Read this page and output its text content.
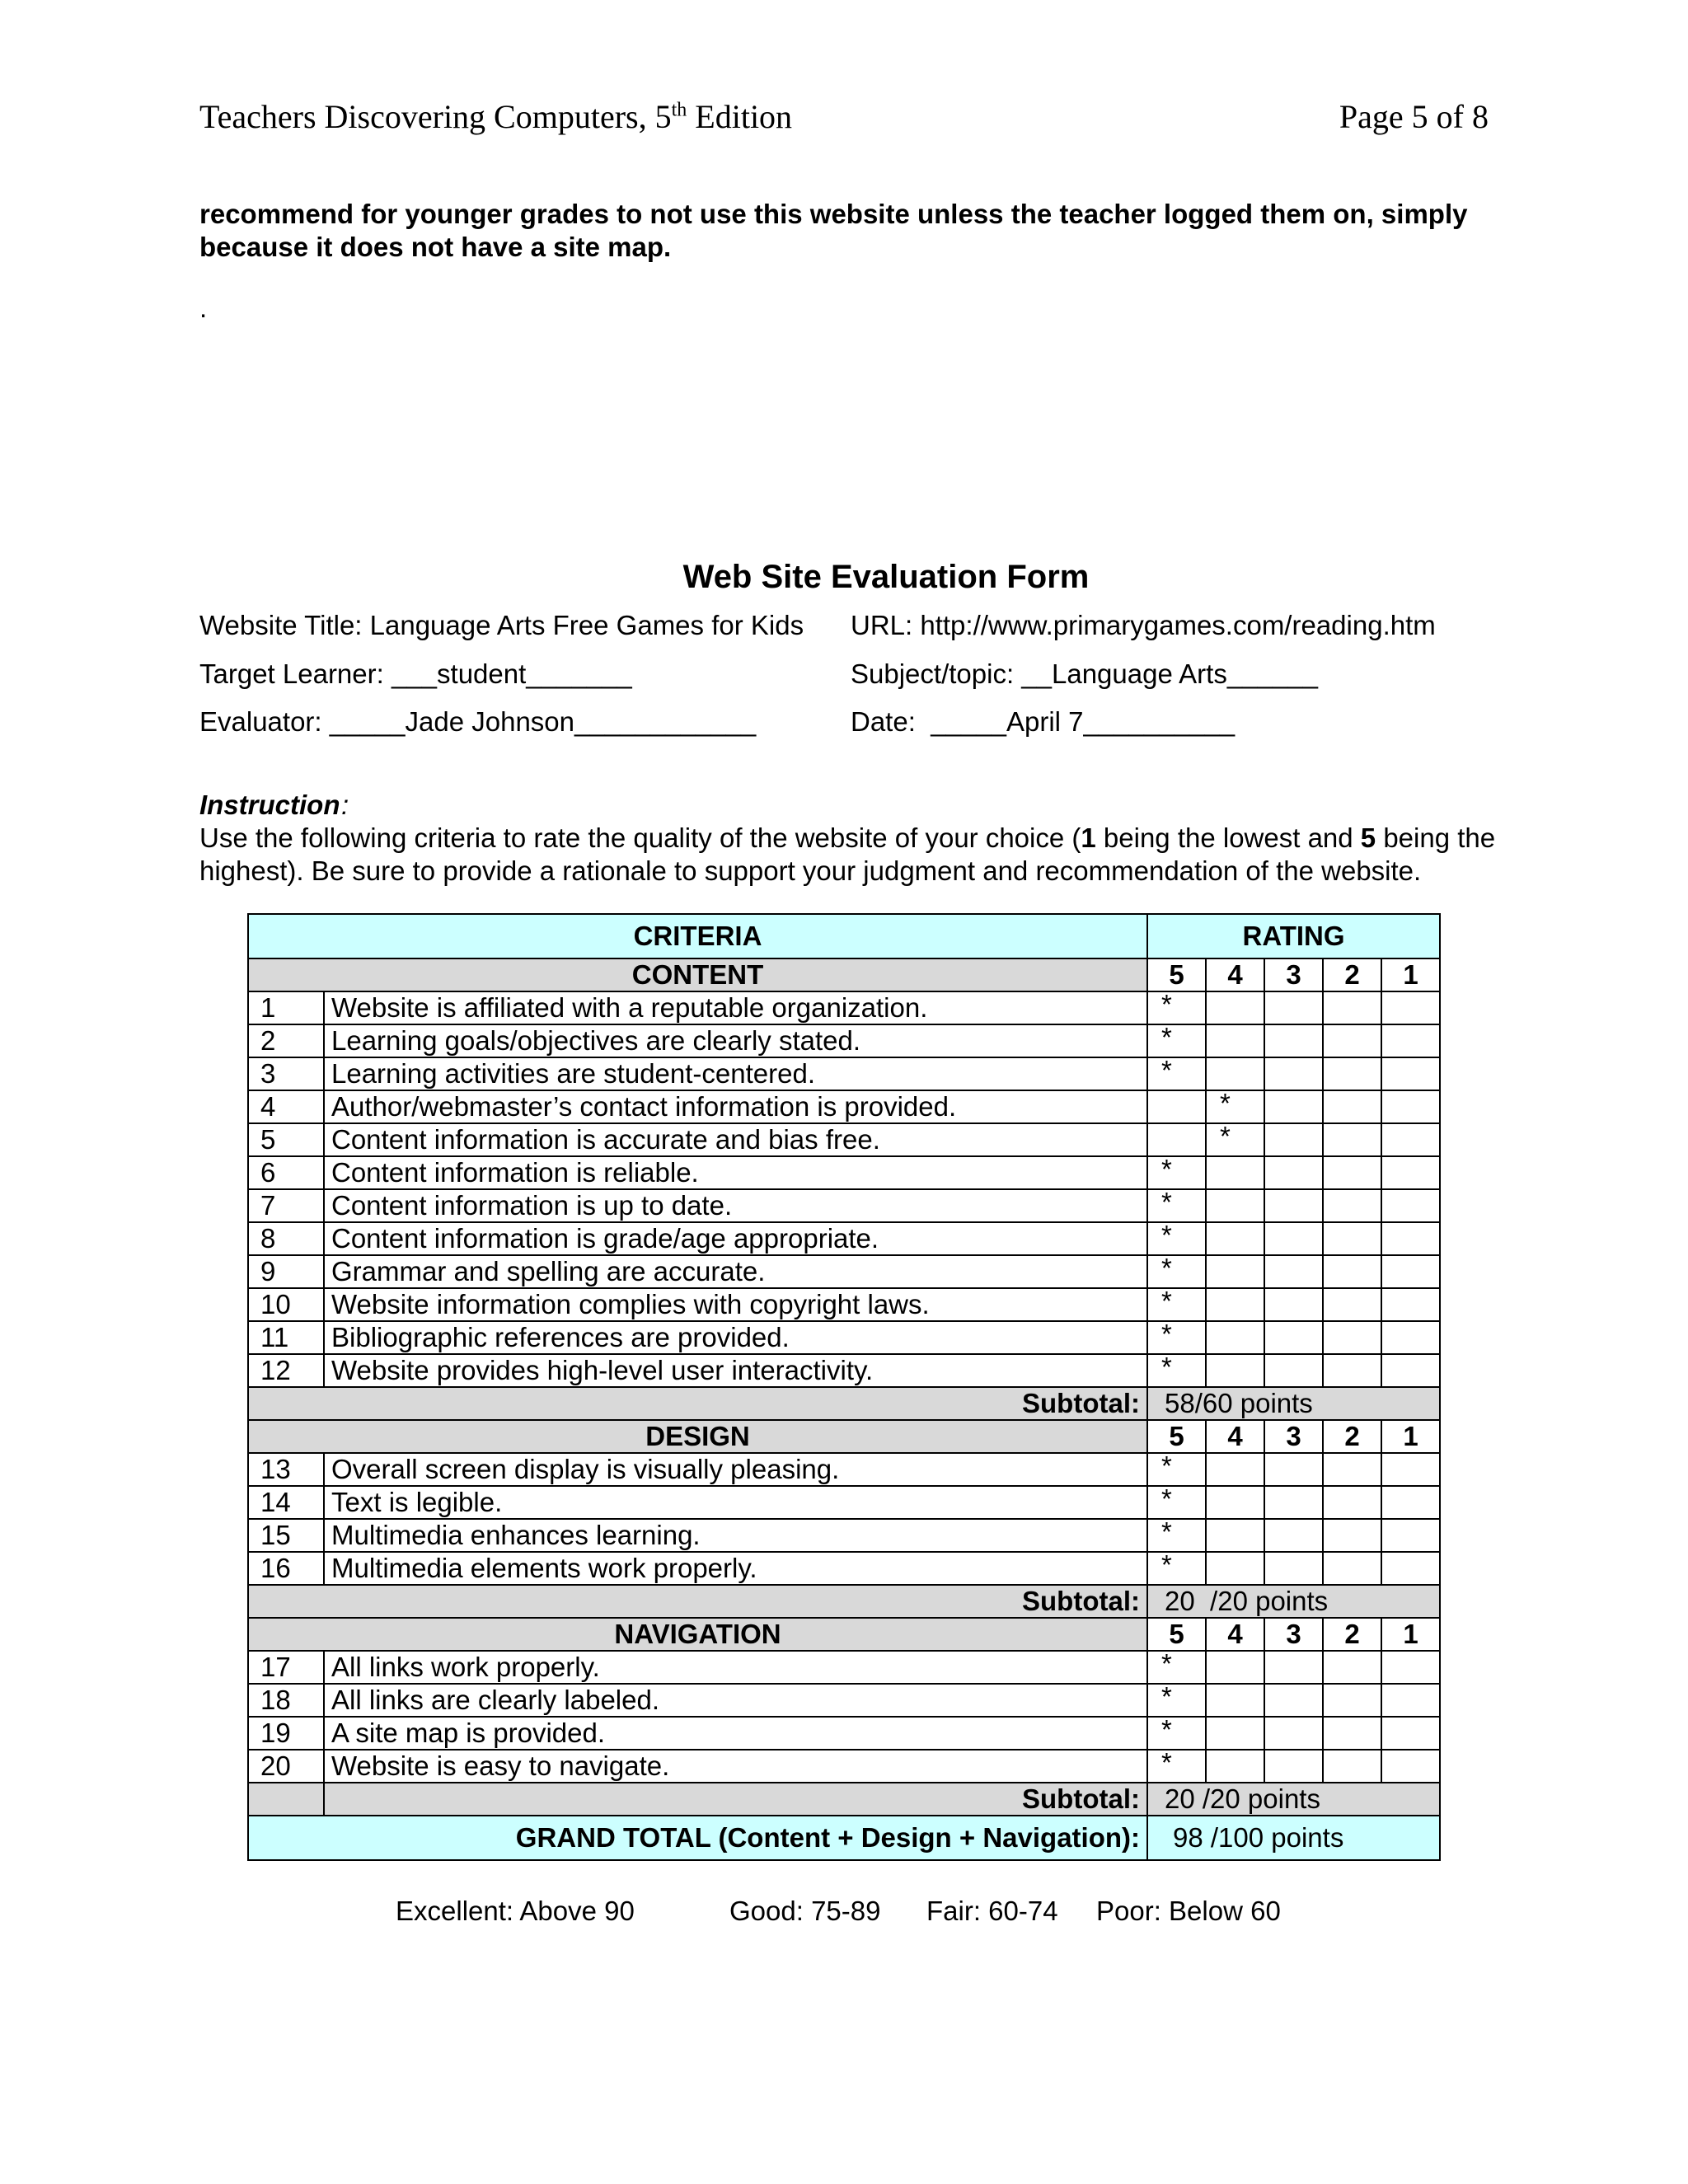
Teachers Discovering Computers, 5th Edition	Page 5 of 8
recommend for younger grades to not use this website unless the teacher logged them on, simply because it does not have a site map.
.
Web Site Evaluation Form
Website Title: Language Arts Free Games for Kids URL: http://www.primarygames.com/reading.htm
Target Learner: ___student_______	Subject/topic: __Language Arts______
Evaluator: _____Jade Johnson____________	Date:  _____April 7__________
Instruction :
Use the following criteria to rate the quality of the website of your choice (1 being the lowest and 5 being the highest). Be sure to provide a rationale to support your judgment and recommendation of the website.
CRITERIA		RATING				
CONTENT		5	4	3	2	1
1	Website is affiliated with a reputable organization.	*				
2	Learning goals/objectives are clearly stated.	*				
3	Learning activities are student-centered.	*				
4	Author/webmaster’s contact information is provided.		*			
5	Content information is accurate and bias free.		*			
6	Content information is reliable.	*				
7	Content information is up to date.	*				
8	Content information is grade/age appropriate.	*				
9	Grammar and spelling are accurate.	*				
10	Website information complies with copyright laws.	*				
11	Bibliographic references are provided.	*				
12	Website provides high-level user interactivity.	*				
Subtotal:		58/60 points				
DESIGN		5	4	3	2	1
13	Overall screen display is visually pleasing.	*				
14	Text is legible.	*				
15	Multimedia enhances learning.	*				
16	Multimedia elements work properly.	*				
Subtotal:		20  /20 points				
NAVIGATION		5	4	3	2	1
17	All links work properly.	*				
18	All links are clearly labeled.	*				
19	A site map is provided.	*				
20	Website is easy to navigate.	*				
	Subtotal:	20 /20 points				
GRAND TOTAL (Content + Design + Navigation):		98 /100 points				

Excellent: Above 90

	Good: 75-89

Fair: 60-74

Poor: Below 60
